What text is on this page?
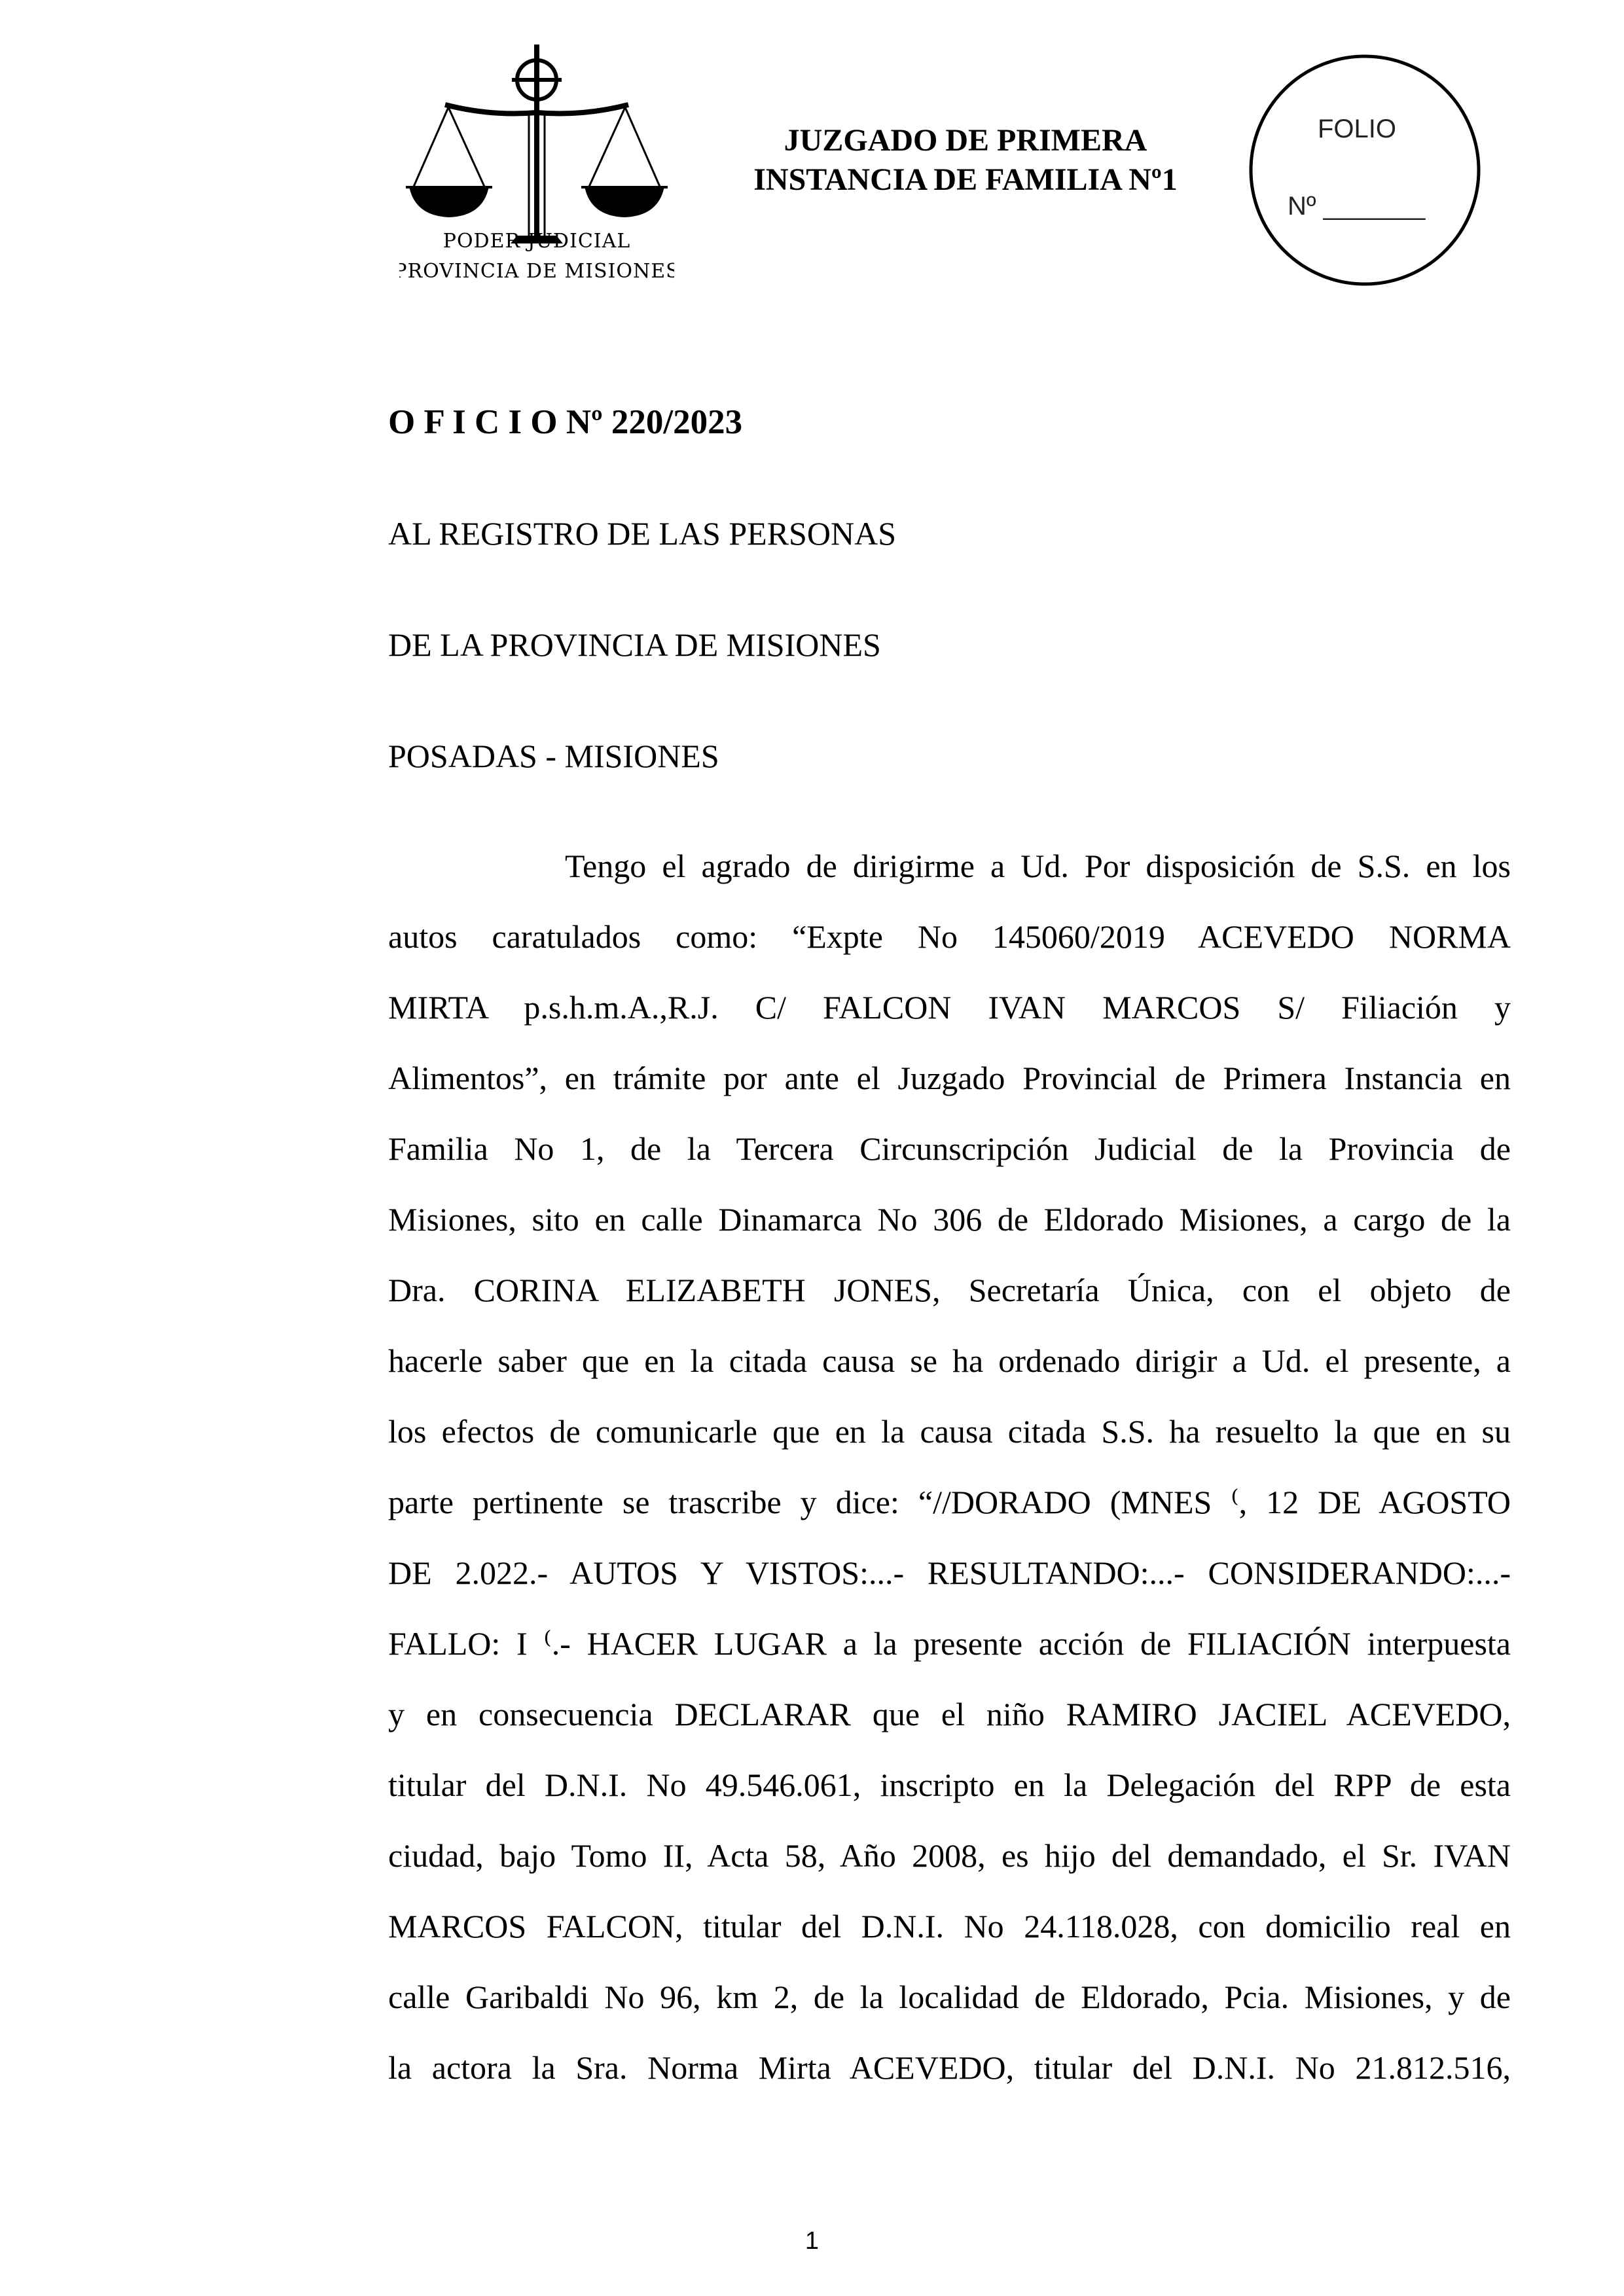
PODER JUDICIAL
PROVINCIA DE MISIONES
JUZGADO DE PRIMERA
INSTANCIA DE FAMILIA Nº1
FOLIO
Nº _______
O F I C I O Nº 220/2023
AL REGISTRO DE LAS PERSONAS
DE LA PROVINCIA DE MISIONES
POSADAS - MISIONES
Tengo el agrado de dirigirme a Ud. Por disposición de S.S. en los
autos caratulados como: “Expte No 145060/2019 ACEVEDO NORMA
MIRTA p.s.h.m.A.,R.J. C/ FALCON IVAN MARCOS S/ Filiación y
Alimentos”, en trámite por ante el Juzgado Provincial de Primera Instancia en
Familia No 1, de la Tercera Circunscripción Judicial de la Provincia de
Misiones, sito en calle Dinamarca No 306 de Eldorado Misiones, a cargo de la
Dra. CORINA ELIZABETH JONES, Secretaría Única, con el objeto de
hacerle saber que en la citada causa se ha ordenado dirigir a Ud. el presente, a
los efectos de comunicarle que en la causa citada S.S. ha resuelto la que en su
parte pertinente se trascribe y dice: “//DORADO (MNES ⁽, 12 DE AGOSTO
DE 2.022.- AUTOS Y VISTOS:...- RESULTANDO:...- CONSIDERANDO:...-
FALLO: I ⁽.- HACER LUGAR a la presente acción de FILIACIÓN interpuesta
y en consecuencia DECLARAR que el niño RAMIRO JACIEL ACEVEDO,
titular del D.N.I. No 49.546.061, inscripto en la Delegación del RPP de esta
ciudad, bajo Tomo II, Acta 58, Año 2008, es hijo del demandado, el Sr. IVAN
MARCOS FALCON, titular del D.N.I. No 24.118.028, con domicilio real en
calle Garibaldi No 96, km 2, de la localidad de Eldorado, Pcia. Misiones, y de
la actora la Sra. Norma Mirta ACEVEDO, titular del D.N.I. No 21.812.516,
1
